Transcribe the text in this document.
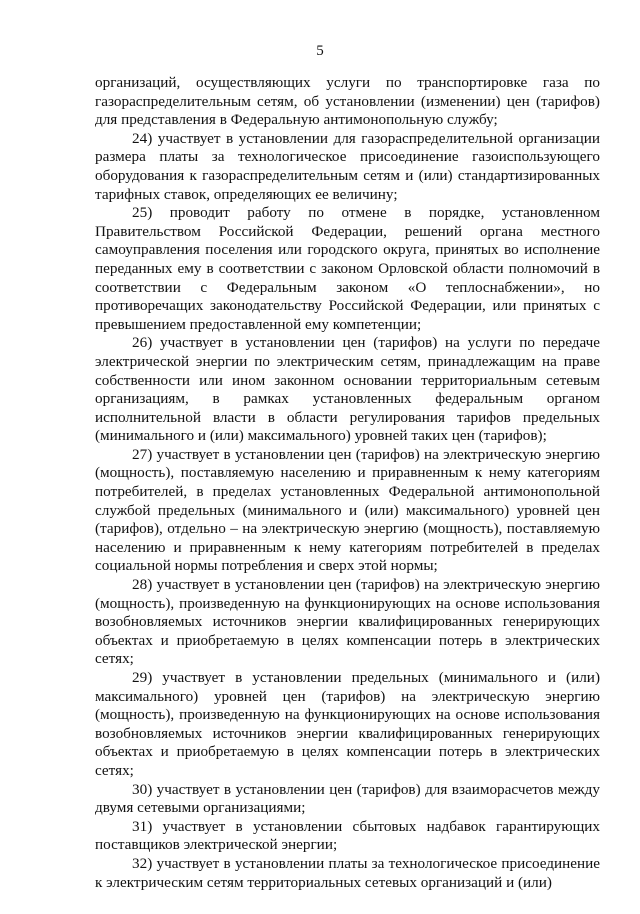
5

организаций, осуществляющих услуги по транспортировке газа по газораспределительным сетям, об установлении (изменении) цен (тарифов) для представления в Федеральную антимонопольную службу;

24) участвует в установлении для газораспределительной организации размера платы за технологическое присоединение газоиспользующего оборудования к газораспределительным сетям и (или) стандартизированных тарифных ставок, определяющих ее величину;

25) проводит работу по отмене в порядке, установленном Правительством Российской Федерации, решений органа местного самоуправления поселения или городского округа, принятых во исполнение переданных ему в соответствии с законом Орловской области полномочий в соответствии с Федеральным законом «О теплоснабжении», но противоречащих законодательству Российской Федерации, или принятых с превышением предоставленной ему компетенции;

26) участвует в установлении цен (тарифов) на услуги по передаче электрической энергии по электрическим сетям, принадлежащим на праве собственности или ином законном основании территориальным сетевым организациям, в рамках установленных федеральным органом исполнительной власти в области регулирования тарифов предельных (минимального и (или) максимального) уровней таких цен (тарифов);

27) участвует в установлении цен (тарифов) на электрическую энергию (мощность), поставляемую населению и приравненным к нему категориям потребителей, в пределах установленных Федеральной антимонопольной службой предельных (минимального и (или) максимального) уровней цен (тарифов), отдельно – на электрическую энергию (мощность), поставляемую населению и приравненным к нему категориям потребителей в пределах социальной нормы потребления и сверх этой нормы;

28) участвует в установлении цен (тарифов) на электрическую энергию (мощность), произведенную на функционирующих на основе использования возобновляемых источников энергии квалифицированных генерирующих объектах и приобретаемую в целях компенсации потерь в электрических сетях;

29) участвует в установлении предельных (минимального и (или) максимального) уровней цен (тарифов) на электрическую энергию (мощность), произведенную на функционирующих на основе использования возобновляемых источников энергии квалифицированных генерирующих объектах и приобретаемую в целях компенсации потерь в электрических сетях;

30) участвует в установлении цен (тарифов) для взаиморасчетов между двумя сетевыми организациями;

31) участвует в установлении сбытовых надбавок гарантирующих поставщиков электрической энергии;

32) участвует в установлении платы за технологическое присоединение к электрическим сетям территориальных сетевых организаций и (или)
